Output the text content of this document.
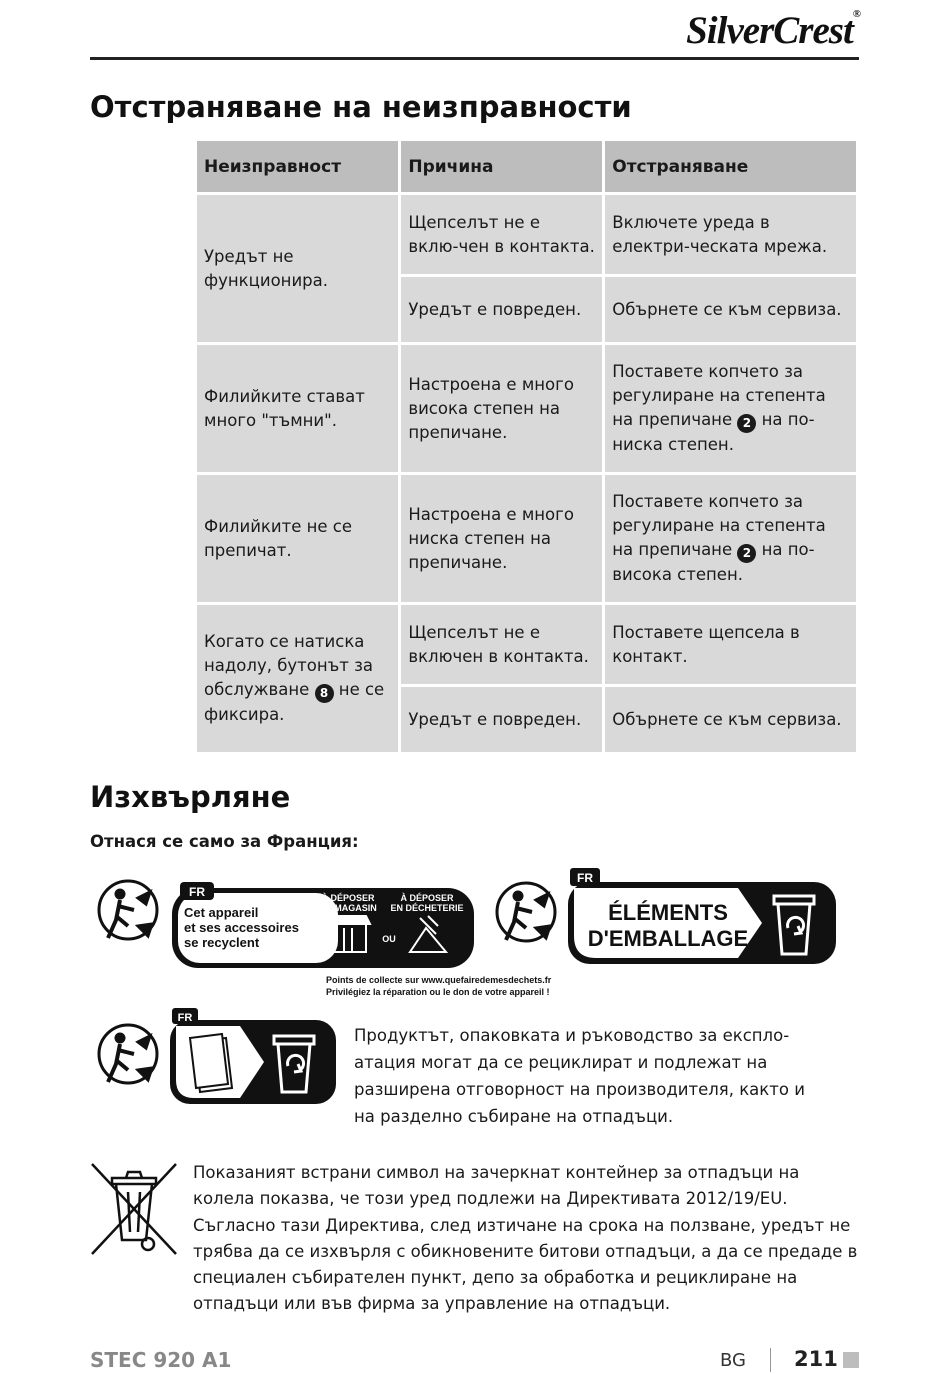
SilverCrest®
Отстраняване на неизправности
Неизправност	Причина	Отстраняване
Уредът не функционира.	Щепселът не е вклю-чен в контакта.	Включете уреда в електри-ческата мрежа.
	Уредът е повреден.	Обърнете се към сервиза.
Филийките стават много "тъмни".	Настроена е много висока степен на препичане.	Поставете копчето за регулиране на степента на препичане 2 на по-ниска степен.
Филийките не се препичат.	Настроена е много ниска степен на препичане.	Поставете копчето за регулиране на степента на препичане 2 на по-висока степен.
Когато се натиска надолу, бутонът за обслужване 8 не се фиксира.	Щепселът не е включен в контакта.	Поставете щепсела в контакт.
	Уредът е повреден.	Обърнете се към сервиза.
Изхвърляне
Отнася се само за Франция:
FR
Cet appareil
et ses accessoires
se recyclent
À DÉPOSER
EN MAGASIN
À DÉPOSER
EN DÉCHETERIE
OU
Points de collecte sur www.quefairedemesdechets.fr
Privilégiez la réparation ou le don de votre appareil !
FR
ÉLÉMENTS
D'EMBALLAGE
FR

Продуктът, опаковката и ръководство за експло-атация могат да се рециклират и подлежат на разширена отговорност на производителя, както и на разделно събиране на отпадъци.

Показаният встрани символ на зачеркнат контейнер за отпадъци на колела показва, че този уред подлежи на Директивата 2012/19/EU. Съгласно тази Директива, след изтичане на срока на ползване, уредът не трябва да се изхвърля с обикновените битови отпадъци, а да се предаде в специален събирателен пункт, депо за обработка и рециклиране на отпадъци или във фирма за управление на отпадъци.

STEC 920 A1	BG 211
